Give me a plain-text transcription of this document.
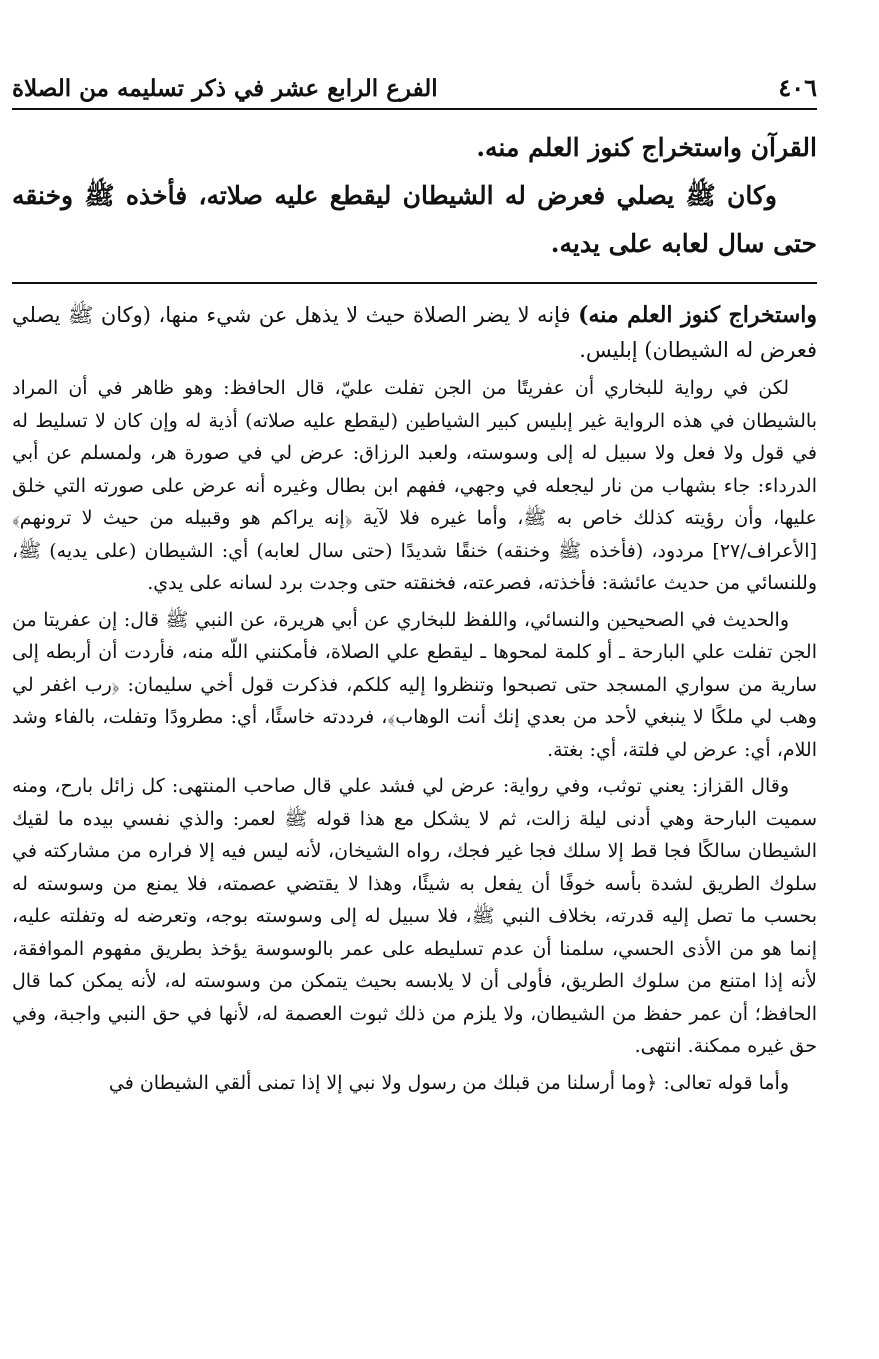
٤٠٦
الفرع الرابع عشر في ذكر تسليمه من الصلاة

القرآن واستخراج كنوز العلم منه.

وكان ﷺ يصلي فعرض له الشيطان ليقطع عليه صلاته، فأخذه ﷺ وخنقه حتى سال لعابه على يديه.

واستخراج كنوز العلم منه) فإنه لا يضر الصلاة حيث لا يذهل عن شيء منها، (وكان ﷺ يصلي فعرض له الشيطان) إبليس.

لكن في رواية للبخاري أن عفريتًا من الجن تفلت عليّ، قال الحافظ: وهو ظاهر في أن المراد بالشيطان في هذه الرواية غير إبليس كبير الشياطين (ليقطع عليه صلاته) أذية له وإن كان لا تسليط له في قول ولا فعل ولا سبيل له إلى وسوسته، ولعبد الرزاق: عرض لي في صورة هر، ولمسلم عن أبي الدرداء: جاء بشهاب من نار ليجعله في وجهي، ففهم ابن بطال وغيره أنه عرض على صورته التي خلق عليها، وأن رؤيته كذلك خاص به ﷺ، وأما غيره فلا لآية ﴿إنه يراكم هو وقبيله من حيث لا ترونهم﴾ [الأعراف/٢٧] مردود، (فأخذه ﷺ وخنقه) خنقًا شديدًا (حتى سال لعابه) أي: الشيطان (على يديه) ﷺ، وللنسائي من حديث عائشة: فأخذته، فصرعته، فخنقته حتى وجدت برد لسانه على يدي.

والحديث في الصحيحين والنسائي، واللفظ للبخاري عن أبي هريرة، عن النبي ﷺ قال: إن عفريتا من الجن تفلت علي البارحة ـ أو كلمة لمحوها ـ ليقطع علي الصلاة، فأمكنني اللّه منه، فأردت أن أربطه إلى سارية من سواري المسجد حتى تصبحوا وتنظروا إليه كلكم، فذكرت قول أخي سليمان: ﴿رب اغفر لي وهب لي ملكًا لا ينبغي لأحد من بعدي إنك أنت الوهاب﴾، فرددته خاسئًا، أي: مطرودًا وتفلت، بالفاء وشد اللام، أي: عرض لي فلتة، أي: بغتة.

وقال القزاز: يعني توثب، وفي رواية: عرض لي فشد علي قال صاحب المنتهى: كل زائل بارح، ومنه سميت البارحة وهي أدنى ليلة زالت، ثم لا يشكل مع هذا قوله ﷺ لعمر: والذي نفسي بيده ما لقيك الشيطان سالكًا فجا قط إلا سلك فجا غير فجك، رواه الشيخان، لأنه ليس فيه إلا فراره من مشاركته في سلوك الطريق لشدة بأسه خوفًا أن يفعل به شيئًا، وهذا لا يقتضي عصمته، فلا يمنع من وسوسته له بحسب ما تصل إليه قدرته، بخلاف النبي ﷺ، فلا سبيل له إلى وسوسته بوجه، وتعرضه له وتفلته عليه، إنما هو من الأذى الحسي، سلمنا أن عدم تسليطه على عمر بالوسوسة يؤخذ بطريق مفهوم الموافقة، لأنه إذا امتنع من سلوك الطريق، فأولى أن لا يلابسه بحيث يتمكن من وسوسته له، لأنه يمكن كما قال الحافظ؛ أن عمر حفظ من الشيطان، ولا يلزم من ذلك ثبوت العصمة له، لأنها في حق النبي واجبة، وفي حق غيره ممكنة. انتهى.

وأما قوله تعالى: ﴿وما أرسلنا من قبلك من رسول ولا نبي إلا إذا تمنى ألقي الشيطان في
